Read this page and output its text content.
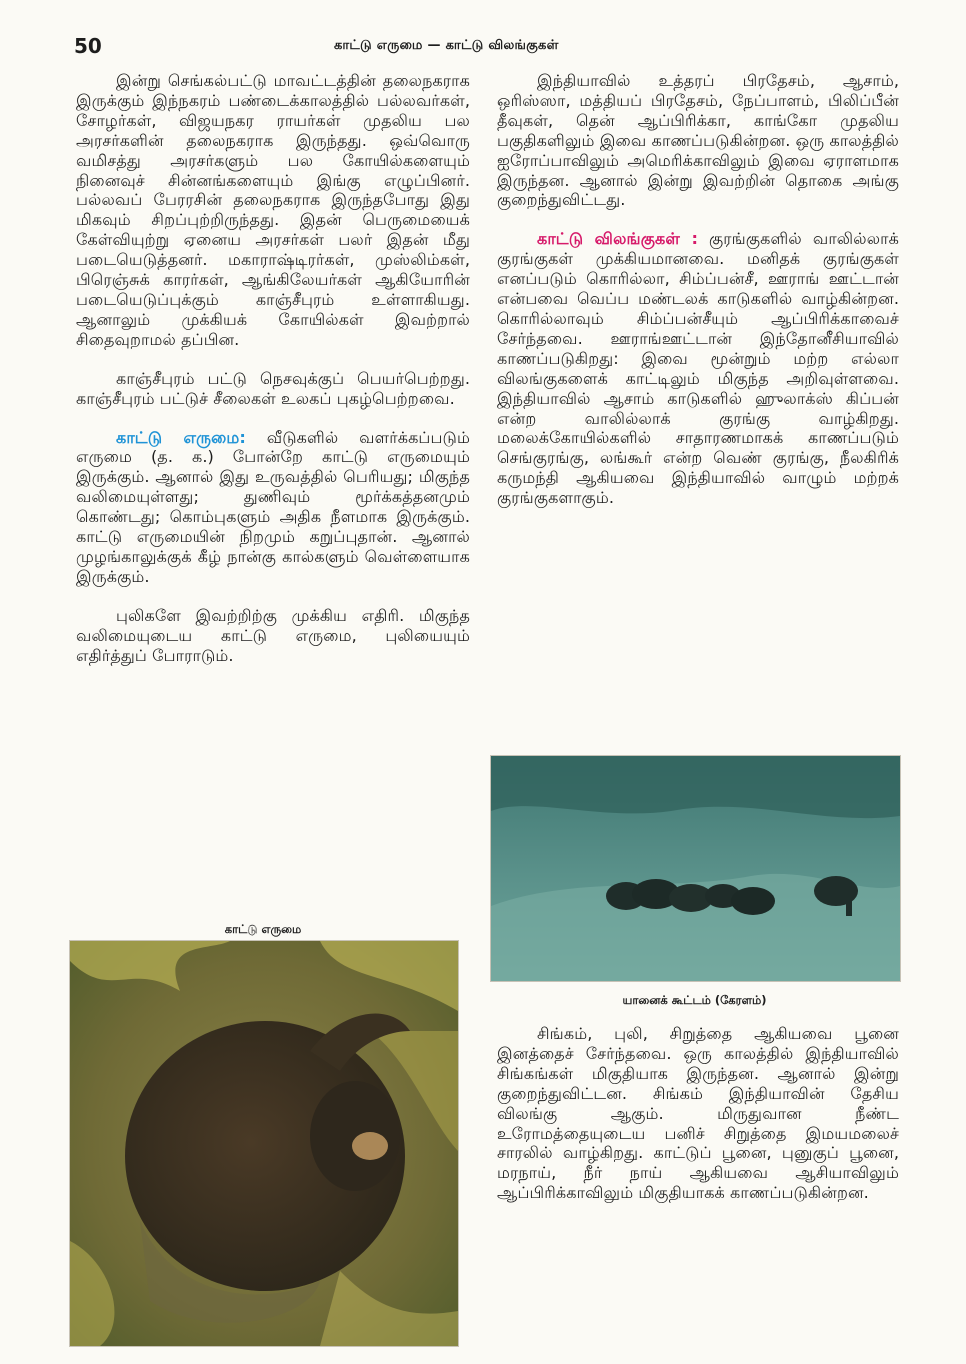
50	காட்டு எருமை — காட்டு விலங்குகள்

இன்று செங்கல்பட்டு மாவட்டத்தின் தலைநகராக இருக்கும் இந்நகரம் பண்டைக்காலத்தில் பல்லவர்கள், சோழர்கள், விஜயநகர ராயர்கள் முதலிய பல அரசர்களின் தலைநகராக இருந்தது. ஒவ்வொரு வமிசத்து அரசர்களும் பல கோயில்களையும் நினைவுச் சின்னங்களையும் இங்கு எழுப்பினர். பல்லவப் பேரரசின் தலைநகராக இருந்தபோது இது மிகவும் சிறப்புற்றிருந்தது. இதன் பெருமையைக் கேள்வியுற்று ஏனைய அரசர்கள் பலர் இதன் மீது படையெடுத்தனர். மகாராஷ்டிரர்கள், முஸ்லிம்கள், பிரெஞ்சுக் காரர்கள், ஆங்கிலேயர்கள் ஆகியோரின் படையெடுப்புக்கும் காஞ்சீபுரம் உள்ளாகியது. ஆனாலும் முக்கியக் கோயில்கள் இவற்றால் சிதைவுறாமல் தப்பின.

காஞ்சீபுரம் பட்டு நெசவுக்குப் பெயர்பெற்றது. காஞ்சீபுரம் பட்டுச் சீலைகள் உலகப் புகழ்பெற்றவை.

காட்டு எருமை: வீடுகளில் வளர்க்கப்படும் எருமை (த. க.) போன்றே காட்டு எருமையும் இருக்கும். ஆனால் இது உருவத்தில் பெரியது; மிகுந்த வலிமையுள்ளது; துணிவும் மூர்க்கத்தனமும் கொண்டது; கொம்புகளும் அதிக நீளமாக இருக்கும். காட்டு எருமையின் நிறமும் கறுப்புதான். ஆனால் முழங்காலுக்குக் கீழ் நான்கு கால்களும் வெள்ளையாக இருக்கும்.

புலிகளே இவற்றிற்கு முக்கிய எதிரி. மிகுந்த வலிமையுடைய காட்டு எருமை, புலியையும் எதிர்த்துப் போராடும்.

காட்டு எருமை

இந்தியாவில் உத்தரப் பிரதேசம், ஆசாம், ஒரிஸ்ஸா, மத்தியப் பிரதேசம், நேப்பாளம், பிலிப்பீன் தீவுகள், தென் ஆப்பிரிக்கா, காங்கோ முதலிய பகுதிகளிலும் இவை காணப்படுகின்றன. ஒரு காலத்தில் ஐரோப்பாவிலும் அமெரிக்காவிலும் இவை ஏராளமாக இருந்தன. ஆனால் இன்று இவற்றின் தொகை அங்கு குறைந்துவிட்டது.

காட்டு விலங்குகள் : குரங்குகளில் வாலில்லாக் குரங்குகள் முக்கியமானவை. மனிதக் குரங்குகள் எனப்படும் கொரில்லா, சிம்ப்பன்சீ, ஊராங் ஊட்டான் என்பவை வெப்ப மண்டலக் காடுகளில் வாழ்கின்றன. கொரில்லாவும் சிம்ப்பன்சீயும் ஆப்பிரிக்காவைச் சேர்ந்தவை. ஊராங்ஊட்டான் இந்தோனீசியாவில் காணப்படுகிறது: இவை மூன்றும் மற்ற எல்லா விலங்குகளைக் காட்டிலும் மிகுந்த அறிவுள்ளவை. இந்தியாவில் ஆசாம் காடுகளில் ஹுலாக்ஸ் கிப்பன் என்ற வாலில்லாக் குரங்கு வாழ்கிறது. மலைக்கோயில்களில் சாதாரணமாகக் காணப்படும் செங்குரங்கு, லங்கூர் என்ற வெண் குரங்கு, நீலகிரிக் கருமந்தி ஆகியவை இந்தியாவில் வாழும் மற்றக் குரங்குகளாகும்.

யானைக் கூட்டம் (கேரளம்)

சிங்கம், புலி, சிறுத்தை ஆகியவை பூனை இனத்தைச் சேர்ந்தவை. ஒரு காலத்தில் இந்தியாவில் சிங்கங்கள் மிகுதியாக இருந்தன. ஆனால் இன்று குறைந்துவிட்டன. சிங்கம் இந்தியாவின் தேசிய விலங்கு ஆகும். மிருதுவான நீண்ட உரோமத்தையுடைய பனிச் சிறுத்தை இமயமலைச் சாரலில் வாழ்கிறது. காட்டுப் பூனை, புனுகுப் பூனை, மரநாய், நீர் நாய் ஆகியவை ஆசியாவிலும் ஆப்பிரிக்காவிலும் மிகுதியாகக் காணப்படுகின்றன.
